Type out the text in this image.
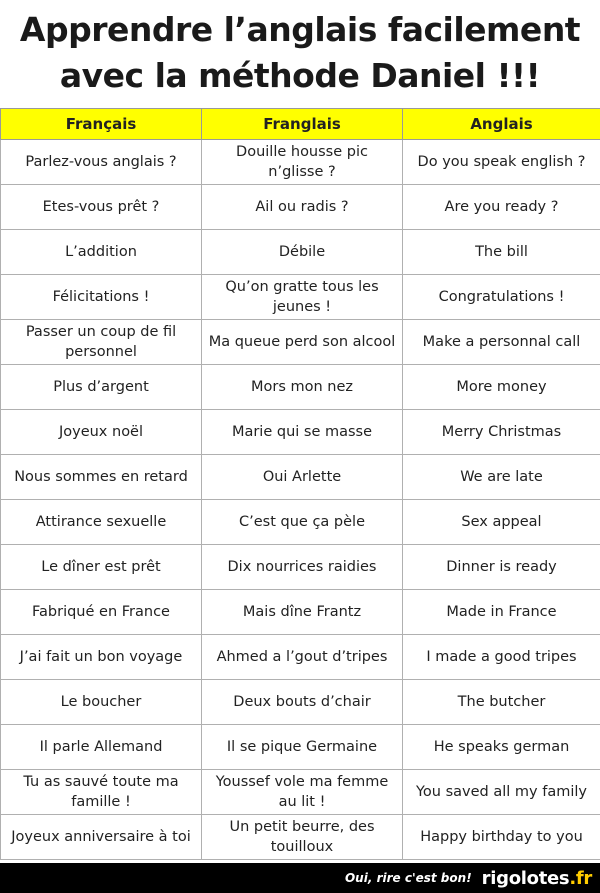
Apprendre l’anglais facilement
avec la méthode Daniel !!!
Français	Franglais	Anglais
Parlez-vous anglais ?	Douille housse pic n’glisse ?	Do you speak english ?
Etes-vous prêt ?	Ail ou radis ?	Are you ready ?
L’addition	Débile	The bill
Félicitations !	Qu’on gratte tous les jeunes !	Congratulations !
Passer un coup de fil personnel	Ma queue perd son alcool	Make a personnal call
Plus d’argent	Mors mon nez	More money
Joyeux noël	Marie qui se masse	Merry Christmas
Nous sommes en retard	Oui Arlette	We are late
Attirance sexuelle	C’est que ça pèle	Sex appeal
Le dîner est prêt	Dix nourrices raidies	Dinner is ready
Fabriqué en France	Mais dîne Frantz	Made in France
J’ai fait un bon voyage	Ahmed a l’gout d’tripes	I made a good tripes
Le boucher	Deux bouts d’chair	The butcher
Il parle Allemand	Il se pique Germaine	He speaks german
Tu as sauvé toute ma famille !	Youssef vole ma femme au lit !	You saved all my family
Joyeux anniversaire à toi	Un petit beurre, des touilloux	Happy birthday to you
Oui, rire c'est bon! rigolotes.fr
